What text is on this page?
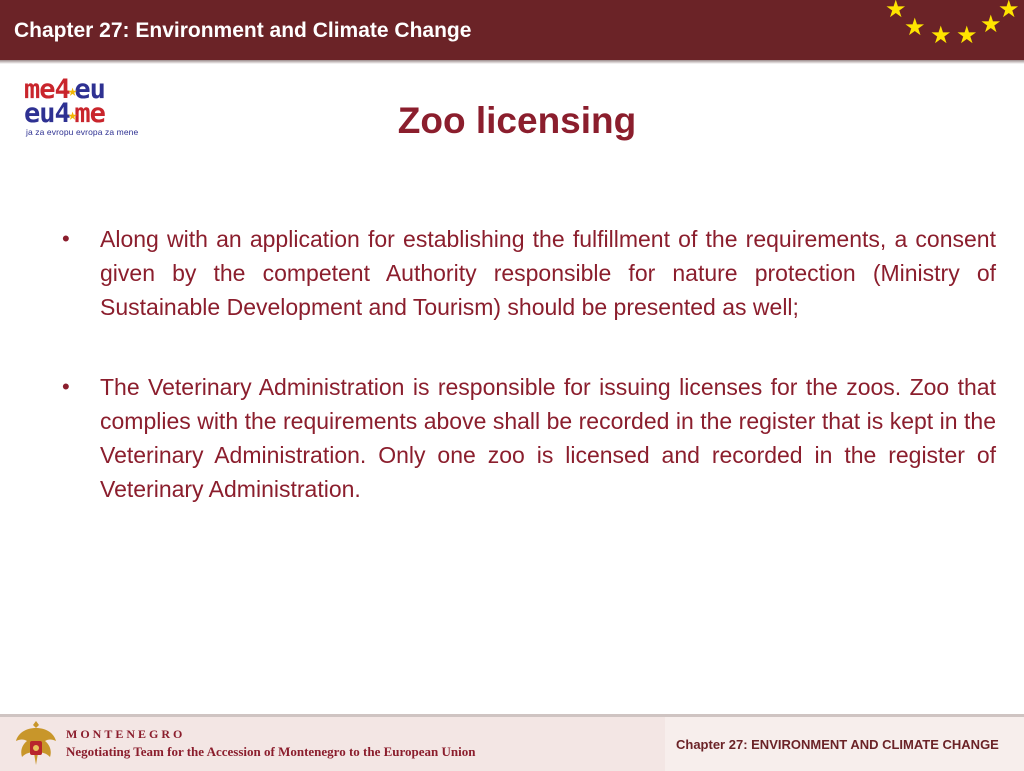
Chapter 27: Environment and Climate Change
★
★ ★ ★ ★
★
me4★eu
eu4★me
ja za evropu evropa za mene	Zoo licensing
• Along with an application for establishing the fulfillment of the requirements, a consent given by the competent Authority responsible for nature protection (Ministry of Sustainable Development and Tourism) should be presented as well;
• The Veterinary Administration is responsible for issuing licenses for the zoos. Zoo that complies with the requirements above shall be recorded in the register that is kept in the Veterinary Administration. Only one zoo is licensed and recorded in the register of Veterinary Administration.
MONTENEGRO
Negotiating Team for the Accession of Montenegro to the European Union	Chapter 27: ENVIRONMENT AND CLIMATE CHANGE
